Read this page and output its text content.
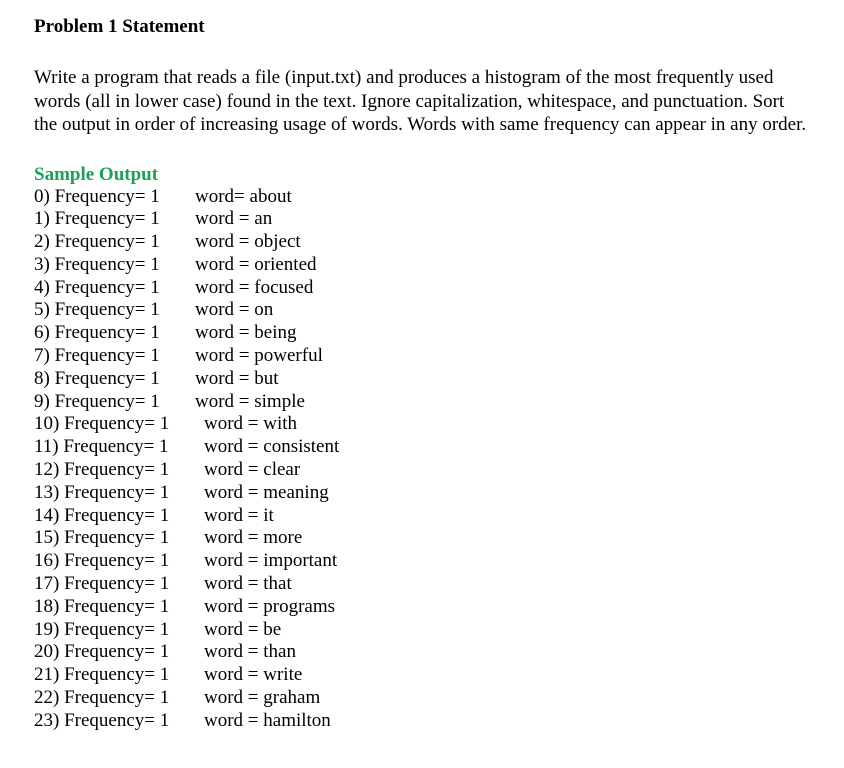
Problem 1 Statement

Write a program that reads a file (input.txt) and produces a histogram of the most frequently used words (all in lower case) found in the text. Ignore capitalization, whitespace, and punctuation. Sort the output in order of increasing usage of words. Words with same frequency can appear in any order.

Sample Output
0) Frequency= 1	word= about
1) Frequency= 1	word = an
2) Frequency= 1	word = object
3) Frequency= 1	word = oriented
4) Frequency= 1	word = focused
5) Frequency= 1	word = on
6) Frequency= 1	word = being
7) Frequency= 1	word = powerful
8) Frequency= 1	word = but
9) Frequency= 1	word = simple
10) Frequency= 1	word = with
11) Frequency= 1	word = consistent
12) Frequency= 1	word = clear
13) Frequency= 1	word = meaning
14) Frequency= 1	word = it
15) Frequency= 1	word = more
16) Frequency= 1	word = important
17) Frequency= 1	word = that
18) Frequency= 1	word = programs
19) Frequency= 1	word = be
20) Frequency= 1	word = than
21) Frequency= 1	word = write
22) Frequency= 1	word = graham
23) Frequency= 1	word = hamilton
